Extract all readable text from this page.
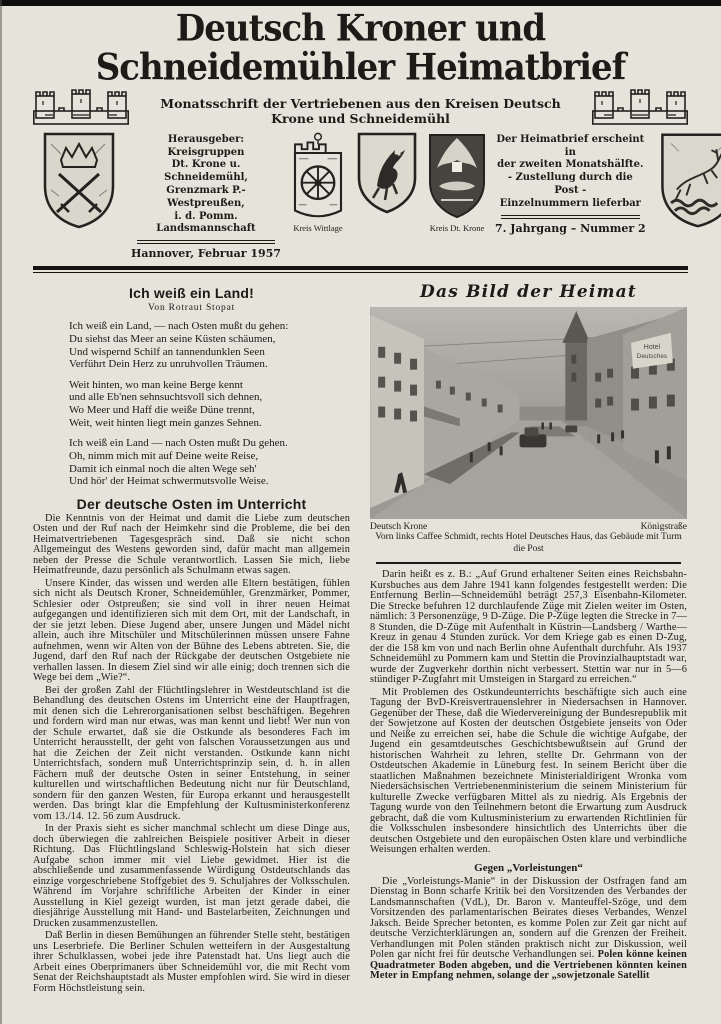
Deutsch Kroner und Schneidemühler Heimatbrief
Monatsschrift der Vertriebenen aus den Kreisen Deutsch Krone und Schneidemühl
Herausgeber: Kreisgruppen
Dt. Krone u. Schneidemühl,
Grenzmark P.-Westpreußen,
i. d. Pomm. Landsmannschaft
Hannover, Februar 1957
Kreis Wittlage	Kreis Dt. Krone
Der Heimatbrief erscheint in
der zweiten Monatshälfte.
- Zustellung durch die Post -
Einzelnummern lieferbar
7. Jahrgang – Nummer 2
Ich weiß ein Land!
Von Rotraut Stopat
Ich weiß ein Land, — nach Osten mußt du gehen:
Du siehst das Meer an seine Küsten schäumen,
Und wispernd Schilf an tannendunklen Seen
Verführt Dein Herz zu unruhvollen Träumen.
Weit hinten, wo man keine Berge kennt
und alle Eb'nen sehnsuchtsvoll sich dehnen,
Wo Meer und Haff die weiße Düne trennt,
Weit, weit hinten liegt mein ganzes Sehnen.
Ich weiß ein Land — nach Osten mußt Du gehen.
Oh, nimm mich mit auf Deine weite Reise,
Damit ich einmal noch die alten Wege seh'
Und hör' der Heimat schwermutsvolle Weise.
Der deutsche Osten im Unterricht

Die Kenntnis von der Heimat und damit die Liebe zum deutschen Osten und der Ruf nach der Heimkehr sind die Probleme, die bei den Heimatvertriebenen Tagesgespräch sind. Daß sie nicht schon Allgemeingut des Westens geworden sind, dafür macht man allgemein neben der Presse die Schule verantwortlich. Lassen Sie mich, liebe Heimatfreunde, dazu persönlich als Schulmann etwas sagen.

Unsere Kinder, das wissen und werden alle Eltern bestätigen, fühlen sich nicht als Deutsch Kroner, Schneidemühler, Grenzmärker, Pommer, Schlesier oder Ostpreußen; sie sind voll in ihrer neuen Heimat aufgegangen und identifizieren sich mit dem Ort, mit der Landschaft, in der sie jetzt leben. Diese Jugend aber, unsere Jungen und Mädel nicht allein, auch ihre Mitschüler und Mitschülerinnen müssen unsere Fahne aufnehmen, wenn wir Alten von der Bühne des Lebens abtreten. Sie, die Jugend, darf den Ruf nach der Rückgabe der deutschen Ostgebiete nie verhallen lassen. In diesem Ziel sind wir alle einig; doch trennen sich die Wege bei dem „Wie?“.

Bei der großen Zahl der Flüchtlingslehrer in Westdeutschland ist die Behandlung des deutschen Ostens im Unterricht eine der Hauptfragen, mit denen sich die Lehrerorganisationen selbst beschäftigen. Begehren und fordern wird man nur etwas, was man kennt und liebt! Wer nun von der Schule erwartet, daß sie die Ostkunde als besonderes Fach im Unterricht herausstellt, der geht von falschen Voraussetzungen aus und hat die Zeichen der Zeit nicht verstanden. Ostkunde kann nicht Unterrichtsfach, sondern muß Unterrichtsprinzip sein, d. h. in allen Fächern muß der deutsche Osten in seiner Entstehung, in seiner kulturellen und wirtschaftlichen Bedeutung nicht nur für Deutschland, sondern für den ganzen Westen, für Europa erkannt und herausgestellt werden. Das bringt klar die Empfehlung der Kultusministerkonferenz vom 13./14. 12. 56 zum Ausdruck.

In der Praxis sieht es sicher manchmal schlecht um diese Dinge aus, doch überwiegen die zahlreichen Beispiele positiver Arbeit in dieser Richtung. Das Flüchtlingsland Schleswig-Holstein hat sich dieser Aufgabe schon immer mit viel Liebe gewidmet. Hier ist die abschließende und zusammenfassende Würdigung Ostdeutschlands das einzige vorgeschriebene Stoffgebiet des 9. Schuljahres der Volksschulen. Während im Vorjahre schriftliche Arbeiten der Kinder in einer Ausstellung in Kiel gezeigt wurden, ist man jetzt gerade dabei, die diesjährige Ausstellung mit Hand- und Bastelarbeiten, Zeichnungen und Drucken zusammenzustellen.

Daß Berlin in diesen Bemühungen an führender Stelle steht, bestätigen uns Leserbriefe. Die Berliner Schulen wetteifern in der Ausgestaltung ihrer Schulklassen, wobei jede ihre Patenstadt hat. Uns liegt auch die Arbeit eines Oberprimaners über Schneidemühl vor, die mit Recht vom Senat der Reichshauptstadt als Muster empfohlen wird. Sie wird in dieser Form Höchstleistung sein.

Das Bild der Heimat
Hotel
Deutsches
Deutsch Krone	Königstraße
Vorn links Caffee Schmidt, rechts Hotel Deutsches Haus, das Gebäude mit Turm die Post

Darin heißt es z. B.: „Auf Grund erhaltener Seiten eines Reichsbahn-Kursbuches aus dem Jahre 1941 kann folgendes festgestellt werden: Die Entfernung Berlin—Schneidemühl beträgt 257,3 Eisenbahn-Kilometer. Die Strecke befuhren 12 durchlaufende Züge mit Zielen weiter im Osten, nämlich: 3 Personenzüge, 9 D-Züge. Die P-Züge legten die Strecke in 7—8 Stunden, die D-Züge mit Aufenthalt in Küstrin—Landsberg / Warthe—Kreuz in genau 4 Stunden zurück. Vor dem Kriege gab es einen D-Zug, der die 158 km von und nach Berlin ohne Aufenthalt durchfuhr. Als 1937 Schneidemühl zu Pommern kam und Stettin die Provinzialhauptstadt war, wurde der Zugverkehr dorthin nicht verbessert. Stettin war nur in 5—6 stündiger P-Zugfahrt mit Umsteigen in Stargard zu erreichen.“

Mit Problemen des Ostkundeunterrichts beschäftigte sich auch eine Tagung der BvD-Kreisvertrauenslehrer in Niedersachsen in Hannover. Gegenüber der These, daß die Wiedervereinigung der Bundesrepublik mit der Sowjetzone auf Kosten der deutschen Ostgebiete jenseits von Oder und Neiße zu erreichen sei, habe die Schule die wichtige Aufgabe, der Jugend ein gesamtdeutsches Geschichtsbewußtsein auf Grund der historischen Wahrheit zu lehren, stellte Dr. Gehrmann von der Ostdeutschen Akademie in Lüneburg fest. In seinem Bericht über die staatlichen Maßnahmen bezeichnete Ministerialdirigent Wronka vom Niedersächsischen Vertriebenenministerium die seinem Ministerium für kulturelle Zwecke verfügbaren Mittel als zu niedrig. Als Ergebnis der Tagung wurde von den Teilnehmern betont die Erwartung zum Ausdruck gebracht, daß die vom Kultusministerium zu erwartenden Richtlinien für die Volksschulen insbesondere hinsichtlich des Unterrichts über die deutschen Ostgebiete und den europäischen Osten klare und verbindliche Weisungen erhalten werden.

Gegen „Vorleistungen“

Die „Vorleistungs-Manie“ in der Diskussion der Ostfragen fand am Dienstag in Bonn scharfe Kritik bei den Vorsitzenden des Verbandes der Landsmannschaften (VdL), Dr. Baron v. Manteuffel-Szöge, und dem Vorsitzenden des parlamentarischen Beirates dieses Verbandes, Wenzel Jaksch. Beide Sprecher betonten, es komme Polen zur Zeit gar nicht auf deutsche Verzichterklärungen an, sondern auf die Grenzen der Freiheit. Verhandlungen mit Polen ständen praktisch nicht zur Diskussion, weil Polen gar nicht frei für deutsche Verhandlungen sei. Polen könne keinen Quadratmeter Boden abgeben, und die Vertriebenen könnten keinen Meter in Empfang nehmen, solange der „sowjetzonale Satellit
